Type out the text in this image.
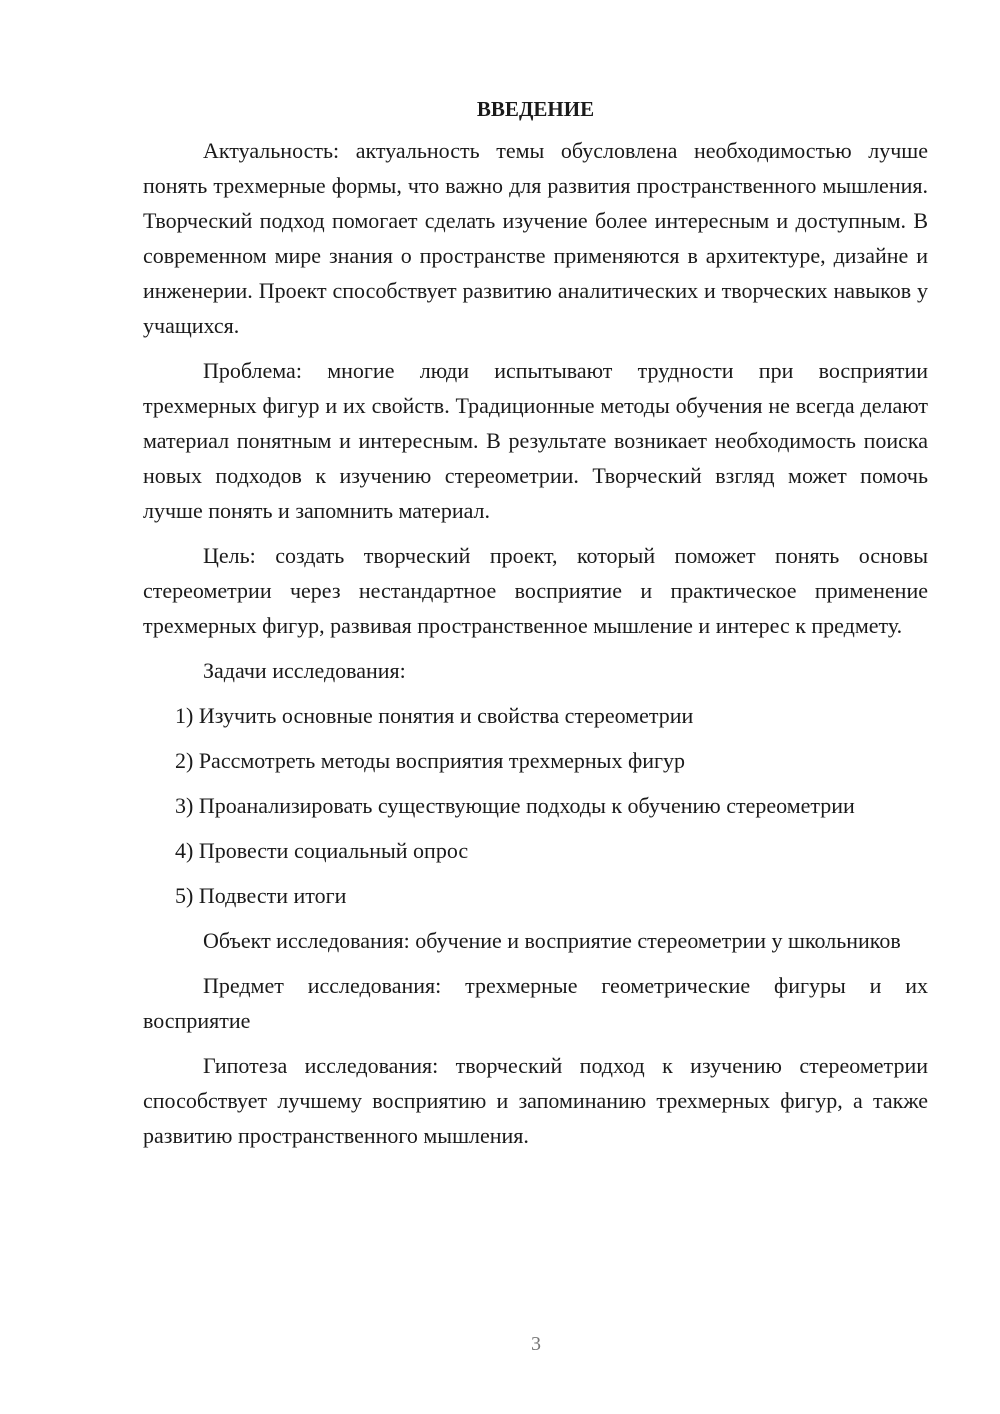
ВВЕДЕНИЕ

Актуальность: актуальность темы обусловлена необходимостью лучше понять трехмерные формы, что важно для развития пространственного мышления. Творческий подход помогает сделать изучение более интересным и доступным. В современном мире знания о пространстве применяются в архитектуре, дизайне и инженерии. Проект способствует развитию аналитических и творческих навыков у учащихся.

Проблема: многие люди испытывают трудности при восприятии трехмерных фигур и их свойств. Традиционные методы обучения не всегда делают материал понятным и интересным. В результате возникает необходимость поиска новых подходов к изучению стереометрии. Творческий взгляд может помочь лучше понять и запомнить материал.

Цель: создать творческий проект, который поможет понять основы стереометрии через нестандартное восприятие и практическое применение трехмерных фигур, развивая пространственное мышление и интерес к предмету.

Задачи исследования:

1) Изучить основные понятия и свойства стереометрии

2) Рассмотреть методы восприятия трехмерных фигур

3) Проанализировать существующие подходы к обучению стереометрии

4) Провести социальный опрос

5) Подвести итоги

Объект исследования: обучение и восприятие стереометрии у школьников

Предмет исследования: трехмерные геометрические фигуры и их восприятие

Гипотеза исследования: творческий подход к изучению стереометрии способствует лучшему восприятию и запоминанию трехмерных фигур, а также развитию пространственного мышления.

3
